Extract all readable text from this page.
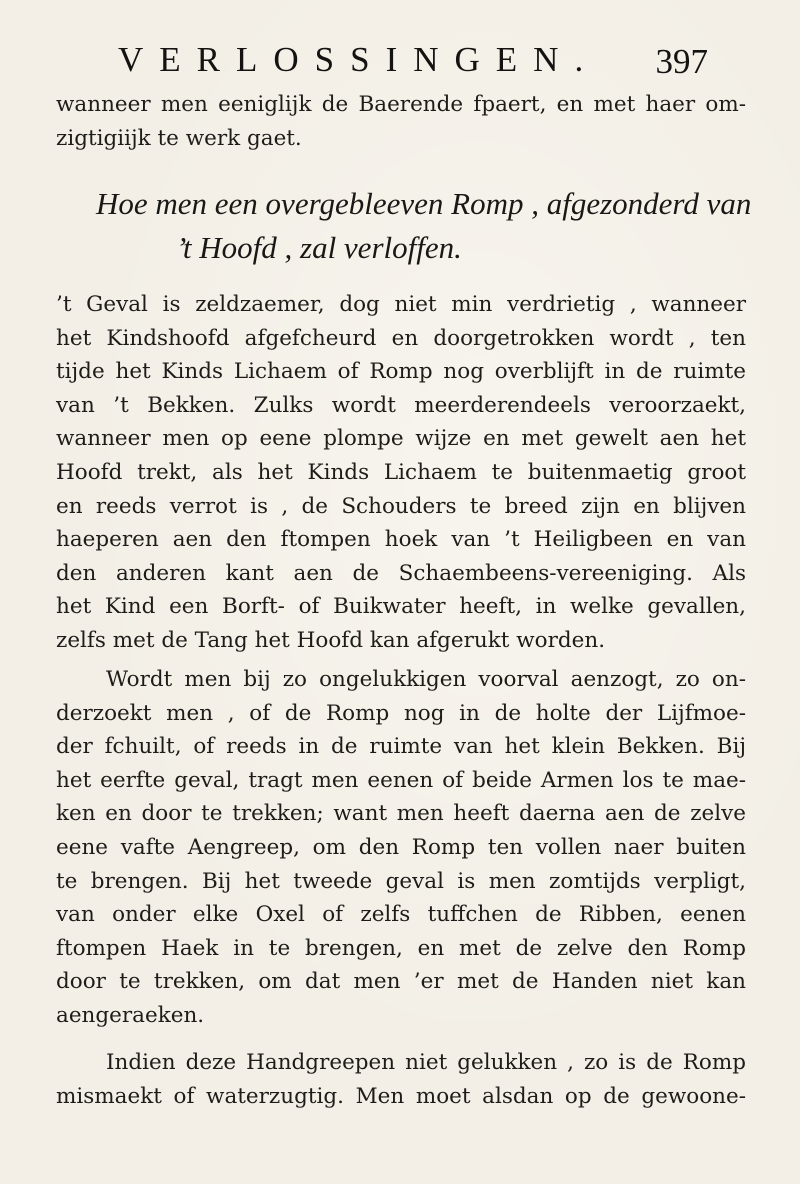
VERLOSSINGEN. 397
wanneer men eeniglijk de Baerende fpaert, en met haer om-
zigtigiijk te werk gaet.
Hoe men een overgebleeven Romp , afgezonderd van
’t Hoofd , zal verloffen.
’t Geval is zeldzaemer, dog niet min verdrietig , wanneer
het Kindshoofd afgefcheurd en doorgetrokken wordt , ten
tijde het Kinds Lichaem of Romp nog overblijft in de ruimte
van ’t Bekken. Zulks wordt meerderendeels veroorzaekt,
wanneer men op eene plompe wijze en met gewelt aen het
Hoofd trekt, als het Kinds Lichaem te buitenmaetig groot
en reeds verrot is , de Schouders te breed zijn en blijven
haeperen aen den ftompen hoek van ’t Heiligbeen en van
den anderen kant aen de Schaembeens-vereeniging. Als
het Kind een Borft- of Buikwater heeft, in welke gevallen,
zelfs met de Tang het Hoofd kan afgerukt worden.
Wordt men bij zo ongelukkigen voorval aenzogt, zo on-
derzoekt men , of de Romp nog in de holte der Lijfmoe-
der fchuilt, of reeds in de ruimte van het klein Bekken. Bij
het eerfte geval, tragt men eenen of beide Armen los te mae-
ken en door te trekken; want men heeft daerna aen de zelve
eene vafte Aengreep, om den Romp ten vollen naer buiten
te brengen. Bij het tweede geval is men zomtijds verpligt,
van onder elke Oxel of zelfs tuffchen de Ribben, eenen
ftompen Haek in te brengen, en met de zelve den Romp
door te trekken, om dat men ’er met de Handen niet kan
aengeraeken.
Indien deze Handgreepen niet gelukken , zo is de Romp
mismaekt of waterzugtig. Men moet alsdan op de gewoone-
